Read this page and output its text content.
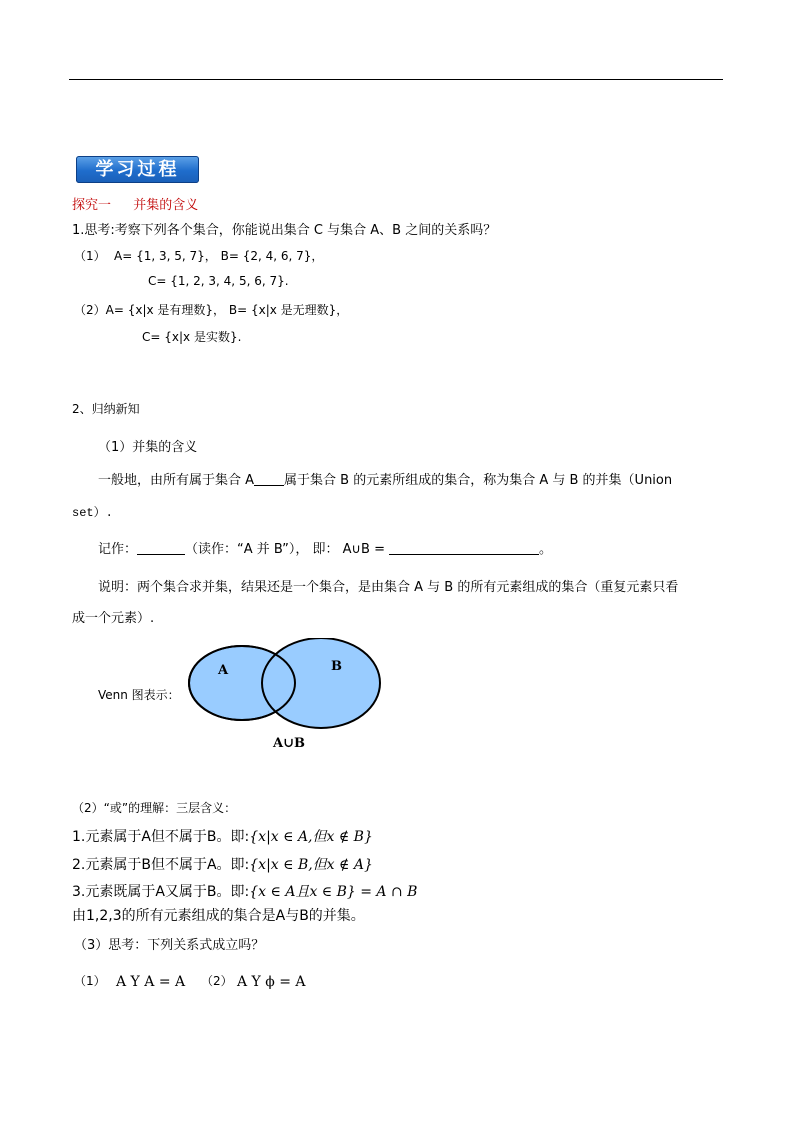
学习过程
探究一 并集的含义
1.思考:考察下列各个集合，你能说出集合 C 与集合 A、B 之间的关系吗？
（1） A= {1, 3, 5, 7}， B= {2, 4, 6, 7}，
C= {1, 2, 3, 4, 5, 6, 7}.
（2）A= {x|x 是有理数}， B= {x|x 是无理数}，
C= {x|x 是实数}.
2、归纳新知
（1）并集的含义
一般地，由所有属于集合 A 属于集合 B 的元素所组成的集合，称为集合 A 与 B 的并集（Union
set）.
记作：	（读作：“A 并 B”）， 即： A∪B =	。
说明：两个集合求并集，结果还是一个集合，是由集合 A 与 B 的所有元素组成的集合（重复元素只看
成一个元素）.
Venn 图表示：
A	B
A∪B
（2）“或”的理解：三层含义：
1.元素属于A但不属于B。即:{x|x ∈ A,但x ∉ B}
2.元素属于B但不属于A。即:{x|x ∈ B,但x ∉ A}
3.元素既属于A又属于B。即:{x ∈ A且x ∈ B} = A ∩ B
由1,2,3的所有元素组成的集合是A与B的并集。
（3）思考：下列关系式成立吗？
（1） A Y A = A （2） A Y ϕ = A
